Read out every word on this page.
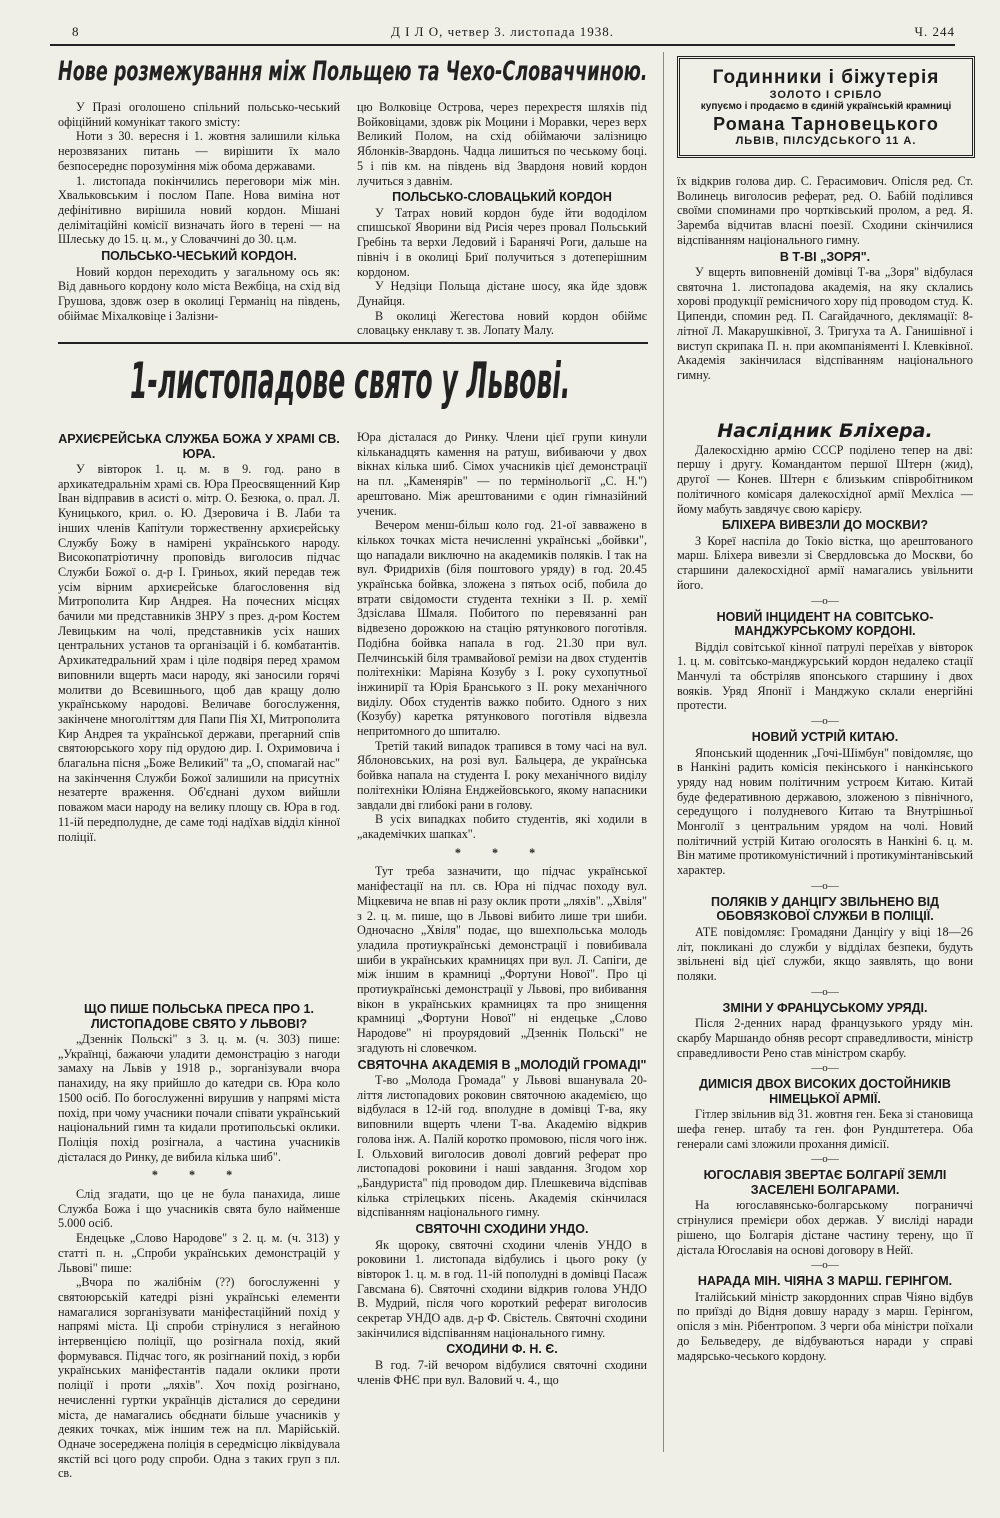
8	Д І Л О, четвер 3. листопада 1938.	Ч. 244
Нове розмежування між Польщею та Чехо-Словаччиною.

У Празі оголошено спільний польсько-чеський офіційний комунікат такого змісту:

Ноти з 30. вересня і 1. жовтня залишили кілька нерозвязаних питань — вирішити їх мало безпосереднє порозуміння між обома державами.

1. листопада покінчились переговори між мін. Хвальковським і послом Папе. Нова виміна нот дефінітивно вирішила новий кордон. Мішані делімітаційні комісії визначать його в терені — на Шлеську до 15. ц. м., у Словаччині до 30. ц.м.

ПОЛЬСЬКО-ЧЕСЬКИЙ КОРДОН.

Новий кордон переходить у загальному ось як: Від давнього кордону коло міста Вежбіца, на схід від Грушова, здовж озер в околиці Германіц на південь, обіймає Міхалковіце і Залізни-

цю Волковіце Острова, через перехрестя шляхів під Войковіцами, здовж рік Моцини і Моравки, через верх Великий Полом, на схід обіймаючи залізницю Яблонків-Звардонь. Чадца лишиться по чеському боці. 5 і пів км. на південь від Звардоня новий кордон лучиться з давнім.

ПОЛЬСЬКО-СЛОВАЦЬКИЙ КОРДОН

У Татрах новий кордон буде йти вододілом спишської Яворини від Рисія через провал Польський Гребінь та верхи Ледовий і Баранячі Роги, дальше на північ і в околиці Бриї получиться з дотеперішним кордоном.

У Недзіци Польща дістане шосу, яка йде здовж Дунайця.

В околиці Жегестова новий кордон обіймє словацьку енклаву т. зв. Лопату Малу.

Годинники і біжутерія
ЗОЛОТО І СРІБЛО
купуємо і продаємо в єдиній українській крамниці
Романа Тарновецького
ЛЬВІВ, ПІЛСУДСЬКОГО 11 А.

їх відкрив голова дир. С. Герасимович. Опісля ред. Ст. Волинець виголосив реферат, ред. О. Бабій поділився своїми споминами про чортківський пролом, а ред. Я. Заремба відчитав власні поезії. Сходини скінчилися відспіванням національного гимну.

В Т-ВІ „ЗОРЯ".

У вщерть виповненій домівці Т-ва „Зоря" відбулася святочна 1. листопадова академія, на яку склались хорові продукції ремісничого хору під проводом студ. К. Ципенди, спомин ред. П. Сагайдачного, деклямації: 8-літної Л. Макарушківної, З. Тригуха та А. Ганишівної і виступ скрипака П. н. при акомпаніяменті I. Клевківної. Академія закінчилася відспіванням національного гимну.

1-листопадове свято у Львові.
АРХИЄРЕЙСЬКА СЛУЖБА БОЖА У ХРАМІ СВ. ЮРА.

У вівторок 1. ц. м. в 9. год. рано в архикатедральнім храмі св. Юра Преосвященний Кир Іван відправив в асисті о. мітр. О. Безюка, о. прал. Л. Куницького, крил. о. Ю. Дзеровича і В. Лаби та інших членів Капітули торжественну архиєрейську Службу Божу в намірені українського народу. Високопатріотичну проповідь виголосив підчас Служби Божої о. д-р І. Гриньох, який передав теж усім вірним архиєрейське благословення від Митрополита Кир Андрея. На почесних місцях бачили ми представників ЗНРУ з през. д-ром Костем Левицьким на чолі, представників усіх наших центральних установ та організацій і б. комбатантів. Архикатедральний храм і ціле подвіря перед храмом виповнили вщерть маси народу, які заносили горячі молитви до Всевишнього, щоб дав кращу долю українському народові. Величаве богослуження, закінчене многоліттям для Папи Пія XI, Митрополита Кир Андрея та української держави, прегарний спів святоюрського хору під орудою дир. І. Охримовича і благальна пісня „Боже Великий" та „О, спомагай нас" на закінчення Служби Божої залишили на присутніх незатерте враження. Об'єднані духом вийшли поважом маси народу на велику площу св. Юра в год. 11-ій передполудне, де саме тоді надїхав відділ кінної поліції.

ЩО ПИШЕ ПОЛЬСЬКА ПРЕСА ПРО 1. ЛИСТОПАДОВЕ СВЯТО У ЛЬВОВІ?

„Дзеннік Польскі" з 3. ц. м. (ч. 303) пише: „Українці, бажаючи уладити демонстрацію з нагоди замаху на Львів у 1918 р., зорганізували вчора панахиду, на яку прийшло до катедри св. Юра коло 1500 осіб. По богослуженні вирушив у напрямі міста похід, при чому учасники почали співати український національний гимн та кидали протипольські оклики. Поліція похід розігнала, а частина учасників дісталася до Ринку, де вибила кілька шиб".

* * *

Слід згадати, що це не була панахида, лише Служба Божа і що учасників свята було найменше 5.000 осіб.

Ендецьке „Слово Народове" з 2. ц. м. (ч. 313) у статті п. н. „Спроби українських демонстрацій у Львові" пише:

„Вчора по жалібнім (??) богослуженні у святоюрській катедрі різні українські елементи намагалися зорганізувати маніфестаційний похід у напрямі міста. Ці спроби стрінулися з негайною інтервенцією поліції, що розігнала похід, який формувався. Підчас того, як розігнаний похід, з юрби українських маніфестантів падали оклики проти поліції і проти „ляхів". Хоч похід розігнано, нечисленні гуртки українців дісталися до середини міста, де намагались обєднати більше учасників у деяких точках, між іншим теж на пл. Марійській. Одначе зосереджена поліція в середмісцю ліквідувала якстій всі цого роду спроби. Одна з таких груп з пл. св.

Юра дісталася до Ринку. Члени цієї групи кинули кільканадцять камення на ратуш, вибиваючи у двох вікнах кілька шиб. Сімох учасників цієї демонстрації на пл. „Каменярів" — по термінольогії „С. Н.") арештовано. Між арештованими є один гімназійний ученик.

Вечером менш-більш коло год. 21-ої завважено в кількох точках міста нечисленні українські „бойвки", що нападали виключно на академиків поляків. І так на вул. Фридрихів (біля поштового уряду) в год. 20.45 українська бойвка, зложена з пятьох осіб, побила до втрати свідомости студента техніки з II. р. хемії Здзіслава Шмаля. Побитого по перевязанні ран відвезено дорожкою на стацію рятункового поготівля. Подібна бойвка напала в год. 21.30 при вул. Пелчинській біля трамвайової ремізи на двох студентів політехніки: Маріяна Козубу з І. року сухопутньої інжинирії та Юрія Бранського з II. року механічного виділу. Обох студентів важко побито. Одного з них (Козубу) каретка рятункового поготівля відвезла непритомного до шпиталю.

Третій такий випадок трапився в тому часі на вул. Яблоновських, на розі вул. Бальцера, де українська бойвка напала на студента І. року механічного виділу політехніки Юліяна Енджейовського, якому напасники завдали дві глибокі рани в голову.

В усіх випадках побито студентів, які ходили в „академічких шапках".

* * *

Тут треба зазначити, що підчас української маніфестації на пл. св. Юра ні підчас походу вул. Міцкевича не впав ні разу оклик проти „ляхів". „Хвіля" з 2. ц. м. пише, що в Львові вибито лише три шиби. Одночасно „Хвіля" подає, що вшехпольська молодь уладила протиукраїнські демонстрації і повибивала шиби в українських крамницях при вул. Л. Сапіги, де між іншим в крамниці „Фортуни Нової". Про ці протиукраїнські демонстрації у Львові, про вибивання вікон в українських крамницях та про знищення крамниці „Фортуни Нової" ні ендецьке „Слово Народове" ні проурядовий „Дзеннік Польскі" не згадують ні словечком.

СВЯТОЧНА АКАДЕМІЯ В „МОЛОДІЙ ГРОМАДІ"

Т-во „Молода Громада" у Львові вшанувала 20-ліття листопадових роковин святочною академією, що відбулася в 12-ій год. вполудне в домівці Т-ва, яку виповнили вщерть члени Т-ва. Академію відкрив голова інж. А. Палій коротко промовою, після чого інж. І. Ольховий виголосив доволі довгий реферат про листопадові роковини і наші завдання. Згодом хор „Бандуриста" під проводом дир. Плешкевича відспівав кілька стрілецьких пісень. Академія скінчилася відспіванням національного гимну.

СВЯТОЧНІ СХОДИНИ УНДО.

Як щороку, святочні сходини членів УНДО в роковини 1. листопада відбулись і цього року (у вівторок 1. ц. м. в год. 11-ій пополудні в домівці Пасаж Гавсмана 6). Святочні сходини відкрив голова УНДО В. Мудрий, після чого короткий реферат виголосив секретар УНДО адв. д-р Ф. Свістель. Святочні сходини закінчилися відспіванням національного гимну.

СХОДИНИ Ф. Н. Є.

В год. 7-ій вечором відбулися святочні сходини членів ФНЄ при вул. Валовий ч. 4., що

Наслідник Бліхера.

Далекосхідню армію СССР поділено тепер на дві: першу і другу. Командантом першої Штерн (жид), другої — Конев. Штерн є близьким співробітником політичного комісаря далекосхідної армії Мехліса — йому мабуть завдячує свою карієру.

БЛІХЕРА ВИВЕЗЛИ ДО МОСКВИ?

З Кореї наспіла до Токіо вістка, що арештованого марш. Бліхера вивезли зі Свердловська до Москви, бо старшини далекосхідної армії намагались увільнити його.

—o—
НОВИЙ ІНЦИДЕНТ НА СОВІТСЬКО-МАНДЖУРСЬКОМУ КОРДОНІ.

Відділ совітської кінної патрулі переїхав у вівторок 1. ц. м. совітсько-манджурський кордон недалеко стації Манчулі та обстріляв японського старшину і двох вояків. Уряд Японії і Манджуко склали енергійні протести.

—o—
НОВИЙ УСТРІЙ КИТАЮ.

Японський щоденник „Гочі-Шімбун" повідомляє, що в Нанкіні радить комісія пекінського і нанкінського уряду над новим політичним устроєм Китаю. Китай буде федеративною державою, зложеною з північного, середущого і полудневого Китаю та Внутрішньої Монголії з центральним урядом на чолі. Новий політичний устрій Китаю оголосять в Нанкіні 6. ц. м. Він матиме протикомуністичний і протикумінтанівський характер.

—o—
ПОЛЯКІВ У ДАНЦІГУ ЗВІЛЬНЕНО ВІД ОБОВЯЗКОВОЇ СЛУЖБИ В ПОЛІЦІЇ.

АТЕ повідомляє: Громадяни Данціґу у віці 18—26 літ, покликані до служби у відділах безпеки, будуть звільнені від цієї служби, якщо заявлять, що вони поляки.

—o—
ЗМІНИ У ФРАНЦУСЬКОМУ УРЯДІ.

Після 2-денних нарад французького уряду мін. скарбу Маршандо обняв ресорт справедливости, міністр справедливости Рено став міністром скарбу.

—o—
ДИМІСІЯ ДВОХ ВИСОКИХ ДОСТОЙНИКІВ НІМЕЦЬКОЇ АРМІЇ.

Гітлер звільнив від 31. жовтня ген. Бека зі становища шефа генер. штабу та ген. фон Рундштетера. Оба генерали самі зложили прохання димісії.

—o—
ЮГОСЛАВІЯ ЗВЕРТАЄ БОЛГАРІЇ ЗЕМЛІ ЗАСЕЛЕНІ БОЛГАРАМИ.

На югославянсько-болгарському пограниччі стрінулися премієри обох держав. У висліді наради рішено, що Болгарія дістане частину терену, що її дістала Югославія на основі договору в Нейї.

—o—
НАРАДА МІН. ЧІЯНА З МАРШ. ГЕРІНГОМ.

Італійський міністр закордонних справ Чіяно відбув по приїзді до Відня довшу нараду з марш. Герінгом, опісля з мін. Рібентропом. З черги оба міністри поїхали до Бельведеру, де відбуваються наради у справі мадярсько-чеського кордону.
